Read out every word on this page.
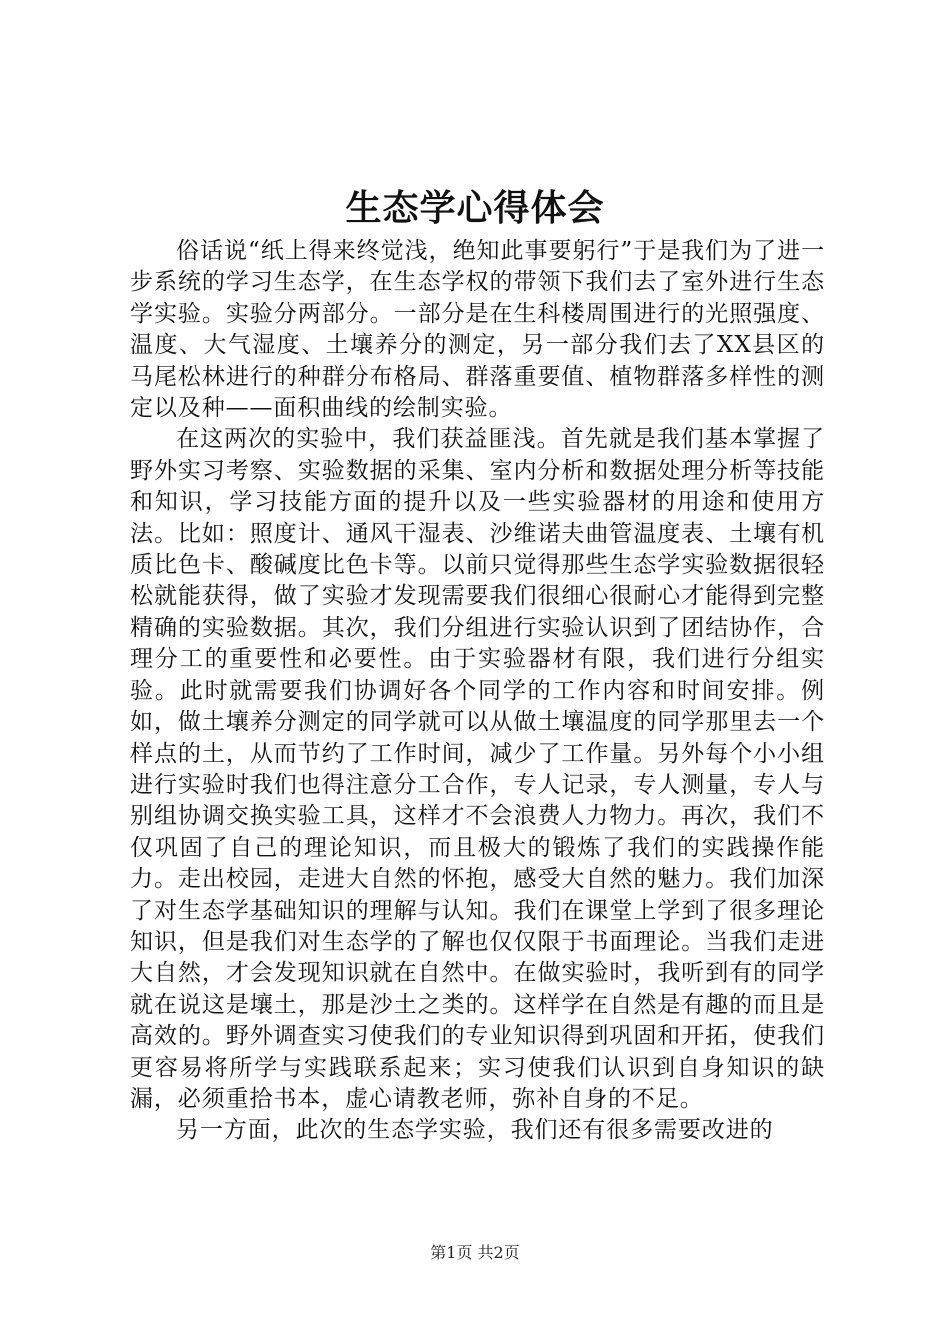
生态学心得体会

俗话说“纸上得来终觉浅，绝知此事要躬行”于是我们为了进一步系统的学习生态学，在生态学权的带领下我们去了室外进行生态学实验。实验分两部分。一部分是在生科楼周围进行的光照强度、温度、大气湿度、土壤养分的测定，另一部分我们去了XX县区的马尾松林进行的种群分布格局、群落重要值、植物群落多样性的测定以及种——面积曲线的绘制实验。

在这两次的实验中，我们获益匪浅。首先就是我们基本掌握了野外实习考察、实验数据的采集、室内分析和数据处理分析等技能和知识，学习技能方面的提升以及一些实验器材的用途和使用方法。比如：照度计、通风干湿表、沙维诺夫曲管温度表、土壤有机质比色卡、酸碱度比色卡等。以前只觉得那些生态学实验数据很轻松就能获得，做了实验才发现需要我们很细心很耐心才能得到完整精确的实验数据。其次，我们分组进行实验认识到了团结协作，合理分工的重要性和必要性。由于实验器材有限，我们进行分组实验。此时就需要我们协调好各个同学的工作内容和时间安排。例如，做土壤养分测定的同学就可以从做土壤温度的同学那里去一个样点的土，从而节约了工作时间，减少了工作量。另外每个小小组进行实验时我们也得注意分工合作，专人记录，专人测量，专人与别组协调交换实验工具，这样才不会浪费人力物力。再次，我们不仅巩固了自己的理论知识，而且极大的锻炼了我们的实践操作能力。走出校园，走进大自然的怀抱，感受大自然的魅力。我们加深了对生态学基础知识的理解与认知。我们在课堂上学到了很多理论知识，但是我们对生态学的了解也仅仅限于书面理论。当我们走进大自然，才会发现知识就在自然中。在做实验时，我听到有的同学就在说这是壤土，那是沙土之类的。这样学在自然是有趣的而且是高效的。野外调查实习使我们的专业知识得到巩固和开拓，使我们更容易将所学与实践联系起来；实习使我们认识到自身知识的缺漏，必须重拾书本，虚心请教老师，弥补自身的不足。

另一方面，此次的生态学实验，我们还有很多需要改进的

第1页 共2页
